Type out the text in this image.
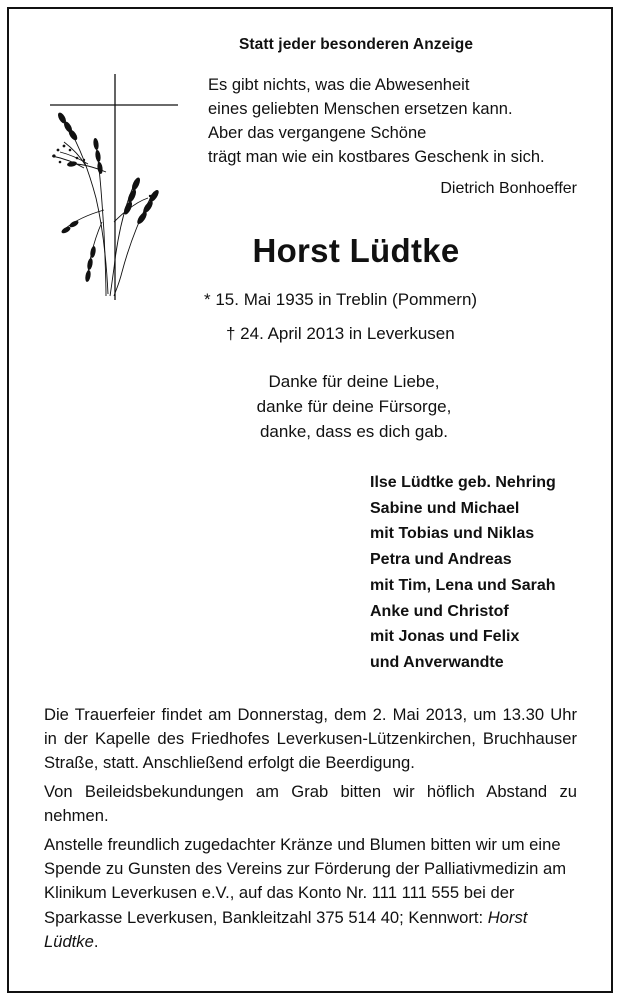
Statt jeder besonderen Anzeige
Es gibt nichts, was die Abwesenheit
eines geliebten Menschen ersetzen kann.
Aber das vergangene Schöne
trägt man wie ein kostbares Geschenk in sich.
Dietrich Bonhoeffer
Horst Lüdtke
* 15. Mai 1935 in Treblin (Pommern)
† 24. April 2013 in Leverkusen
Danke für deine Liebe,
danke für deine Fürsorge,
danke, dass es dich gab.
Ilse Lüdtke geb. Nehring
Sabine und Michael
mit Tobias und Niklas
Petra und Andreas
mit Tim, Lena und Sarah
Anke und Christof
mit Jonas und Felix
und Anverwandte

Die Trauerfeier findet am Donnerstag, dem 2. Mai 2013, um 13.30 Uhr in der Kapelle des Friedhofes Leverkusen-Lützenkirchen, Bruchhauser Straße, statt. Anschließend erfolgt die Beerdigung.

Von Beileidsbekundungen am Grab bitten wir höflich Abstand zu nehmen.

Anstelle freundlich zugedachter Kränze und Blumen bitten wir um eine Spende zu Gunsten des Vereins zur Förderung der Palliativmedizin am Klinikum Leverkusen e.V., auf das Konto Nr. 111 111 555 bei der Sparkasse Leverkusen, Bankleitzahl 375 514 40; Kennwort: Horst Lüdtke.
